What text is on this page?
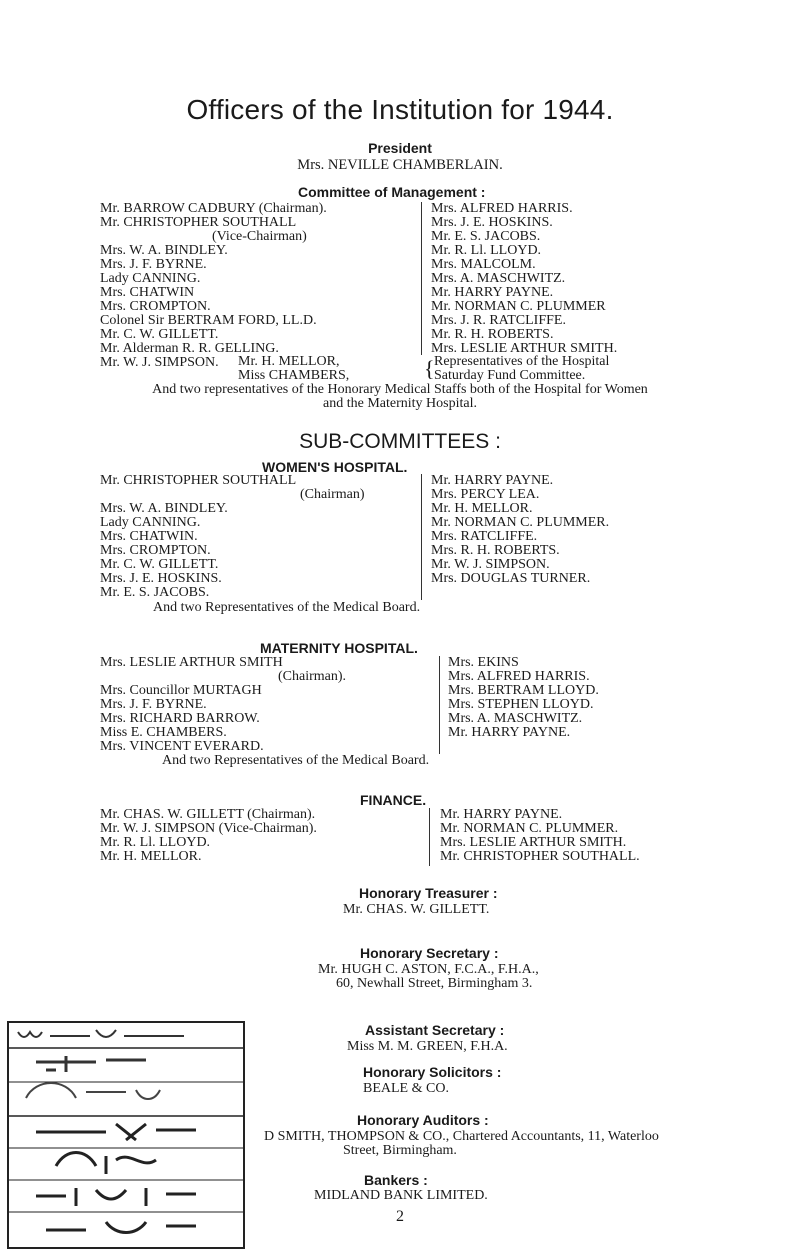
Officers of the Institution for 1944.
President
Mrs. NEVILLE CHAMBERLAIN.
Committee of Management :
Mr. BARROW CADBURY (Chairman).
Mr. CHRISTOPHER SOUTHALL
(Vice-Chairman)
Mrs. W. A. BINDLEY.
Mrs. J. F. BYRNE.
Lady CANNING.
Mrs. CHATWIN
Mrs. CROMPTON.
Colonel Sir BERTRAM FORD, LL.D.
Mr. C. W. GILLETT.
Mr. Alderman R. R. GELLING.
Mr. W. J. SIMPSON.
Mrs. ALFRED HARRIS.
Mrs. J. E. HOSKINS.
Mr. E. S. JACOBS.
Mr. R. Ll. LLOYD.
Mrs. MALCOLM.
Mrs. A. MASCHWITZ.
Mr. HARRY PAYNE.
Mr. NORMAN C. PLUMMER
Mrs. J. R. RATCLIFFE.
Mr. R. H. ROBERTS.
Mrs. LESLIE ARTHUR SMITH.
Mr. H. MELLOR,
Miss CHAMBERS,	{ Representatives of the Hospital
Saturday Fund Committee.
And two representatives of the Honorary Medical Staffs both of the Hospital for Women
and the Maternity Hospital.
SUB-COMMITTEES :
WOMEN'S HOSPITAL.
Mr. CHRISTOPHER SOUTHALL
(Chairman)
Mrs. W. A. BINDLEY.
Lady CANNING.
Mrs. CHATWIN.
Mrs. CROMPTON.
Mr. C. W. GILLETT.
Mrs. J. E. HOSKINS.
Mr. E. S. JACOBS.
Mr. HARRY PAYNE.
Mrs. PERCY LEA.
Mr. H. MELLOR.
Mr. NORMAN C. PLUMMER.
Mrs. RATCLIFFE.
Mrs. R. H. ROBERTS.
Mr. W. J. SIMPSON.
Mrs. DOUGLAS TURNER.
And two Representatives of the Medical Board.
MATERNITY HOSPITAL.
Mrs. LESLIE ARTHUR SMITH
(Chairman).
Mrs. Councillor MURTAGH
Mrs. J. F. BYRNE.
Mrs. RICHARD BARROW.
Miss E. CHAMBERS.
Mrs. VINCENT EVERARD.
Mrs. EKINS
Mrs. ALFRED HARRIS.
Mrs. BERTRAM LLOYD.
Mrs. STEPHEN LLOYD.
Mrs. A. MASCHWITZ.
Mr. HARRY PAYNE.
And two Representatives of the Medical Board.
FINANCE.
Mr. CHAS. W. GILLETT (Chairman).
Mr. W. J. SIMPSON (Vice-Chairman).
Mr. R. Ll. LLOYD.
Mr. H. MELLOR.
Mr. HARRY PAYNE.
Mr. NORMAN C. PLUMMER.
Mrs. LESLIE ARTHUR SMITH.
Mr. CHRISTOPHER SOUTHALL.
Honorary Treasurer :
Mr. CHAS. W. GILLETT.
Honorary Secretary :
Mr. HUGH C. ASTON, F.C.A., F.H.A.,
60, Newhall Street, Birmingham 3.
Assistant Secretary :
Miss M. M. GREEN, F.H.A.
Honorary Solicitors :
BEALE & CO.
Honorary Auditors :
D SMITH, THOMPSON & CO., Chartered Accountants, 11, Waterloo
Street, Birmingham.
Bankers :
MIDLAND BANK LIMITED.
2
